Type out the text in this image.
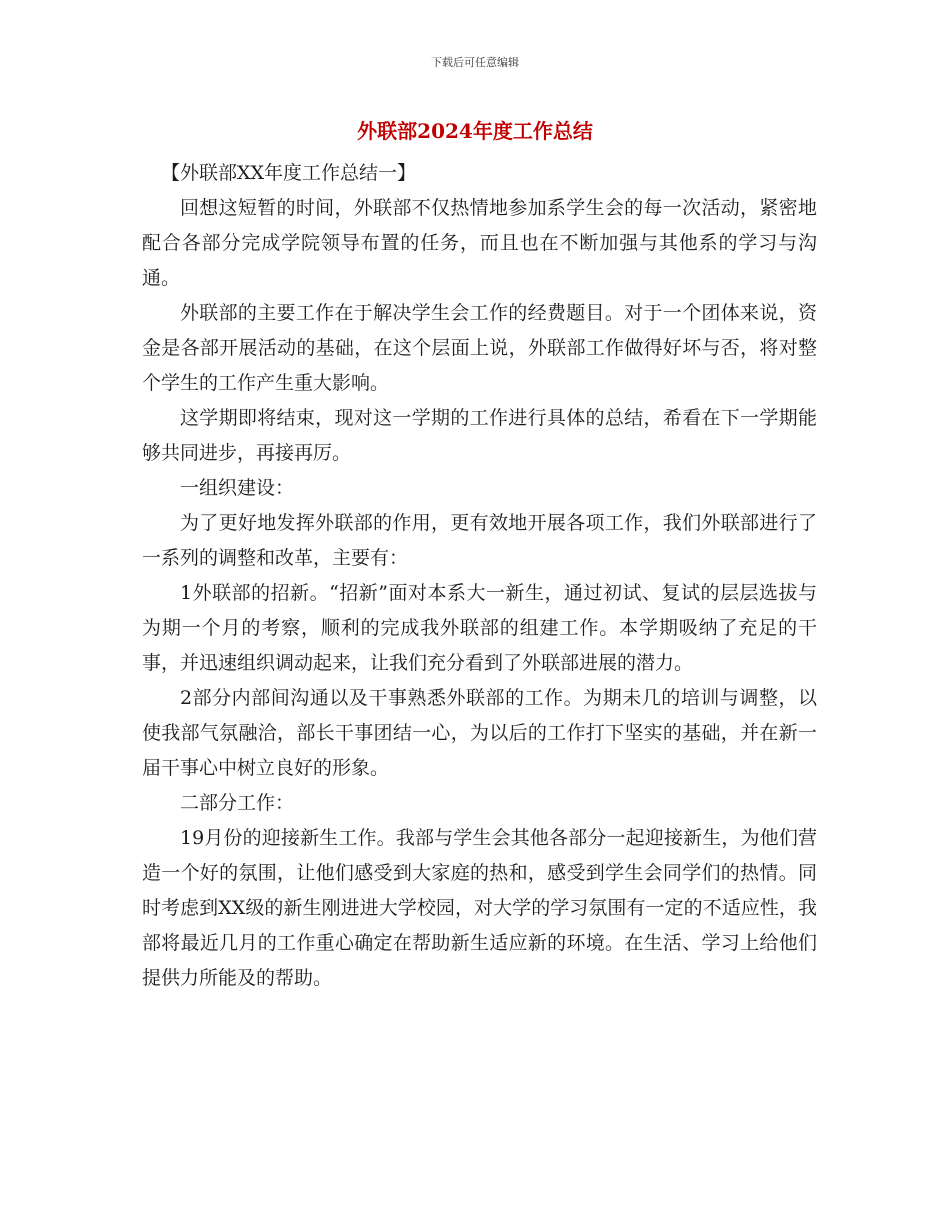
下载后可任意编辑
外联部2024年度工作总结

【外联部XX年度工作总结一】

回想这短暂的时间，外联部不仅热情地参加系学生会的每一次活动，紧密地配合各部分完成学院领导布置的任务，而且也在不断加强与其他系的学习与沟通。

外联部的主要工作在于解决学生会工作的经费题目。对于一个团体来说，资金是各部开展活动的基础，在这个层面上说，外联部工作做得好坏与否，将对整个学生的工作产生重大影响。

这学期即将结束，现对这一学期的工作进行具体的总结，希看在下一学期能够共同进步，再接再厉。

一组织建设：

为了更好地发挥外联部的作用，更有效地开展各项工作，我们外联部进行了一系列的调整和改革，主要有：

1外联部的招新。“招新”面对本系大一新生，通过初试、复试的层层选拔与为期一个月的考察，顺利的完成我外联部的组建工作。本学期吸纳了充足的干事，并迅速组织调动起来，让我们充分看到了外联部进展的潜力。

2部分内部间沟通以及干事熟悉外联部的工作。为期未几的培训与调整，以使我部气氛融洽，部长干事团结一心，为以后的工作打下坚实的基础，并在新一届干事心中树立良好的形象。

二部分工作：

19月份的迎接新生工作。我部与学生会其他各部分一起迎接新生，为他们营造一个好的氛围，让他们感受到大家庭的热和，感受到学生会同学们的热情。同时考虑到XX级的新生刚进进大学校园，对大学的学习氛围有一定的不适应性，我部将最近几月的工作重心确定在帮助新生适应新的环境。在生活、学习上给他们提供力所能及的帮助。
